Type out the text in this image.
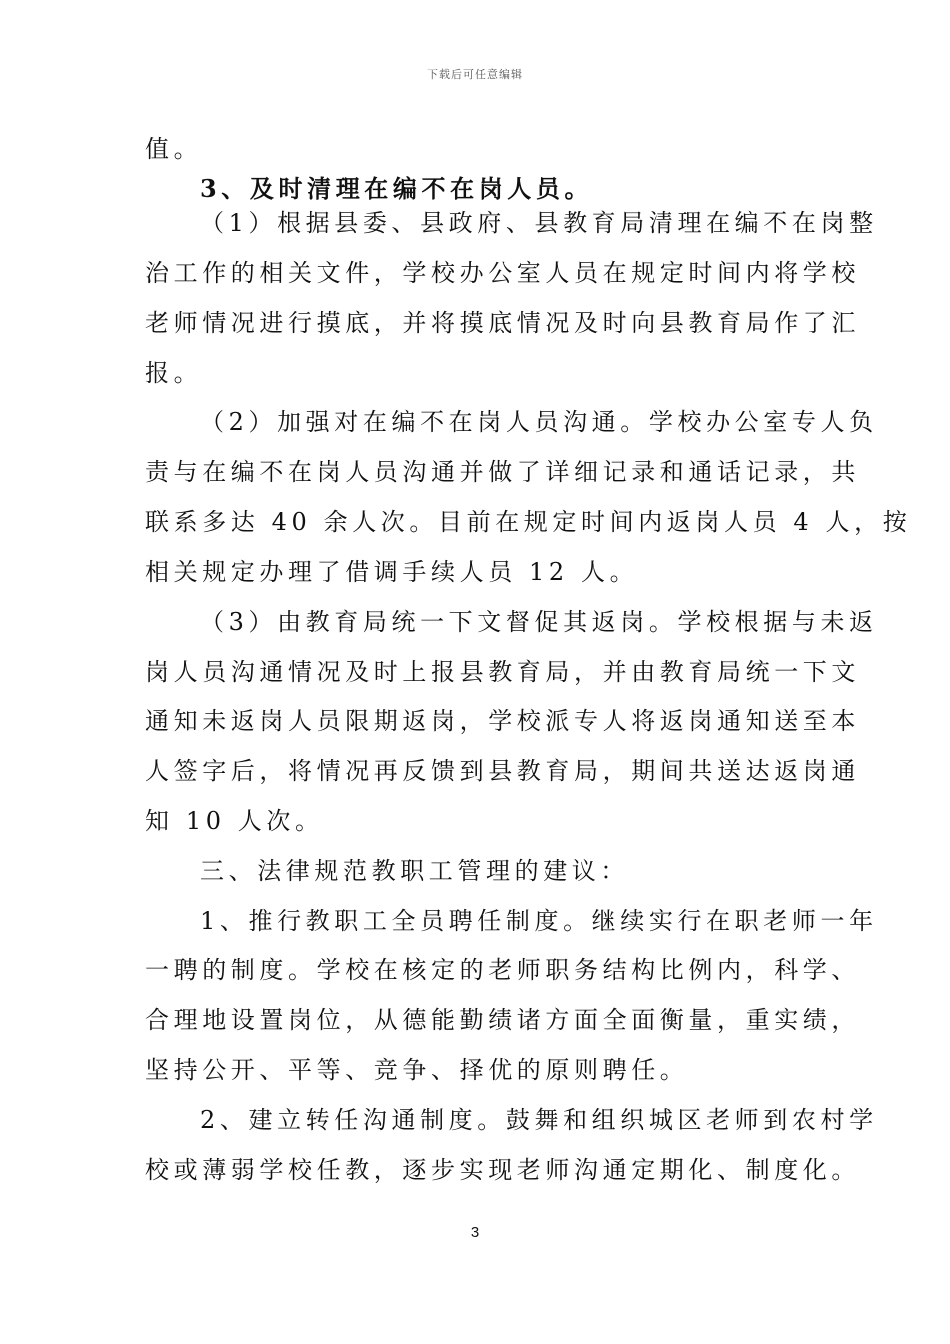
下载后可任意编辑
值。
3、及时清理在编不在岗人员。
（1）根据县委、县政府、县教育局清理在编不在岗整
治工作的相关文件，学校办公室人员在规定时间内将学校
老师情况进行摸底，并将摸底情况及时向县教育局作了汇
报。
（2）加强对在编不在岗人员沟通。学校办公室专人负
责与在编不在岗人员沟通并做了详细记录和通话记录，共
联系多达 40 余人次。目前在规定时间内返岗人员 4 人，按
相关规定办理了借调手续人员 12 人。
（3）由教育局统一下文督促其返岗。学校根据与未返
岗人员沟通情况及时上报县教育局，并由教育局统一下文
通知未返岗人员限期返岗，学校派专人将返岗通知送至本
人签字后，将情况再反馈到县教育局，期间共送达返岗通
知 10 人次。
三、法律规范教职工管理的建议：
1、推行教职工全员聘任制度。继续实行在职老师一年
一聘的制度。学校在核定的老师职务结构比例内，科学、
合理地设置岗位，从德能勤绩诸方面全面衡量，重实绩，
坚持公开、平等、竞争、择优的原则聘任。
2、建立转任沟通制度。鼓舞和组织城区老师到农村学
校或薄弱学校任教，逐步实现老师沟通定期化、制度化。
3
